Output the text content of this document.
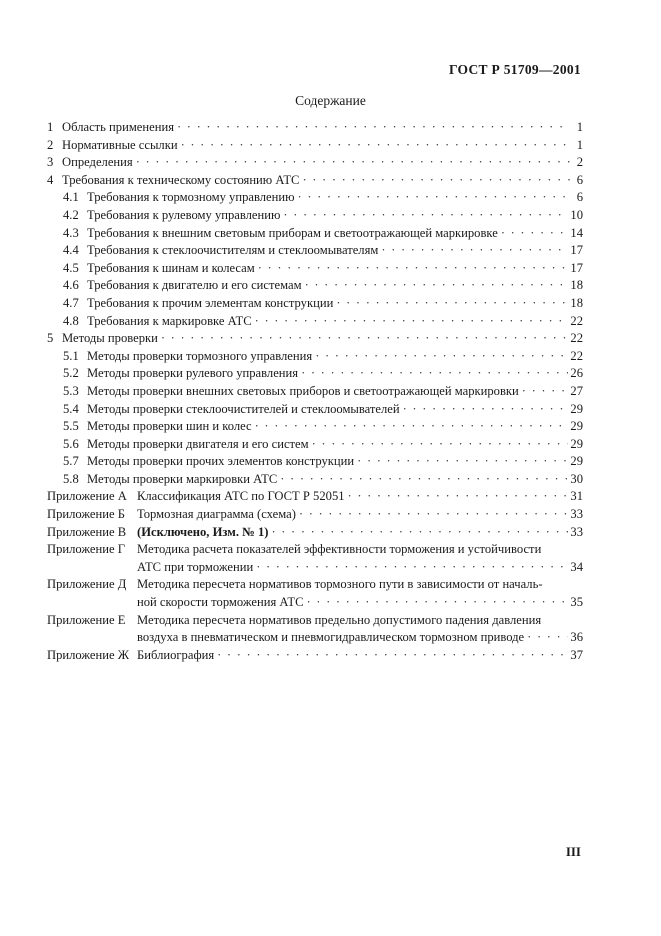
ГОСТ Р 51709—2001
Содержание
1 Область применения ·····	1
2 Нормативные ссылки ·····	1
3 Определения ·····	2
4 Требования к техническому состоянию АТС ·····	6
4.1 Требования к тормозному управлению ·····	6
4.2 Требования к рулевому управлению ·····	10
4.3 Требования к внешним световым приборам и светоотражающей маркировке ·····	14
4.4 Требования к стеклоочистителям и стеклоомывателям ·····	17
4.5 Требования к шинам и колесам ·····	17
4.6 Требования к двигателю и его системам ·····	18
4.7 Требования к прочим элементам конструкции ·····	18
4.8 Требования к маркировке АТС ·····	22
5 Методы проверки ·····	22
5.1 Методы проверки тормозного управления ·····	22
5.2 Методы проверки рулевого управления ·····	26
5.3 Методы проверки внешних световых приборов и светоотражающей маркировки ·····	27
5.4 Методы проверки стеклоочистителей и стеклоомывателей ·····	29
5.5 Методы проверки шин и колес ·····	29
5.6 Методы проверки двигателя и его систем ·····	29
5.7 Методы проверки прочих элементов конструкции ·····	29
5.8 Методы проверки маркировки АТС ·····	30
Приложение А Классификация АТС по ГОСТ Р 52051 ·····	31
Приложение Б Тормозная диаграмма (схема) ·····	33
Приложение В (Исключено, Изм. № 1) ·····	33
Приложение Г Методика расчета показателей эффективности торможения и устойчивости
АТС при торможении ·····	34
Приложение Д Методика пересчета нормативов тормозного пути в зависимости от началь-
ной скорости торможения АТС ·····	35
Приложение Е Методика пересчета нормативов предельно допустимого падения давления
воздуха в пневматическом и пневмогидравлическом тормозном приводе ·····	36
Приложение Ж Библиография ·····	37
III
